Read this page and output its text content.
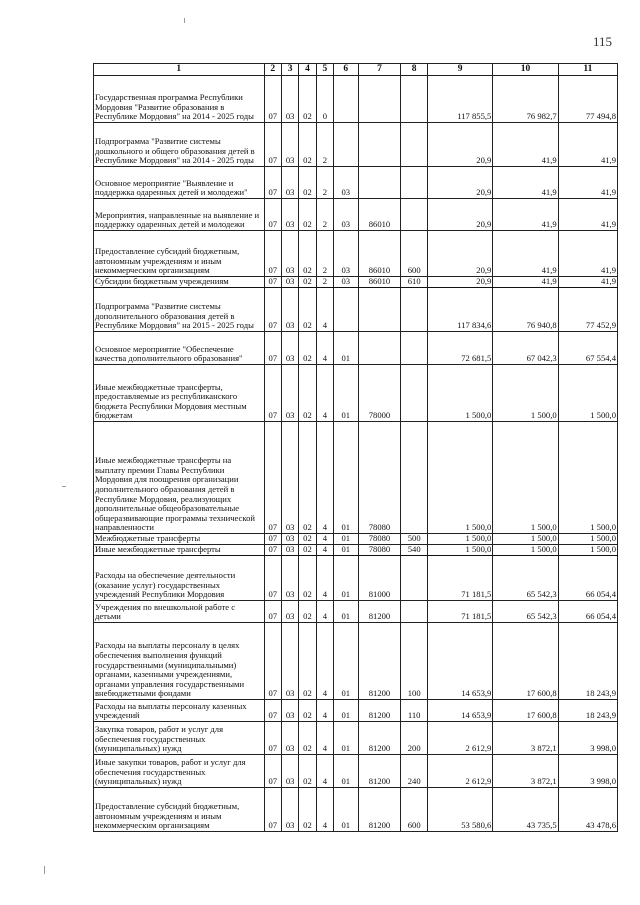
115
1	2	3	4	5	6	7	8	9	10	11
Государственная программа Республики Мордовия "Развитие образования в Республике Мордовия" на 2014 - 2025 годы	07	03	02	0				117 855,5	76 982,7	77 494,8
Подпрограмма "Развитие системы дошкольного и общего образования детей в Республике Мордовия" на 2014 - 2025 годы	07	03	02	2				20,9	41,9	41,9
Основное мероприятие "Выявление и поддержка одаренных детей и молодежи"	07	03	02	2	03			20,9	41,9	41,9
Мероприятия, направленные на выявление и поддержку одаренных детей и молодежи	07	03	02	2	03	86010		20,9	41,9	41,9
Предоставление субсидий бюджетным, автономным учреждениям и иным некоммерческим организациям	07	03	02	2	03	86010	600	20,9	41,9	41,9
Субсидии бюджетным учреждениям	07	03	02	2	03	86010	610	20,9	41,9	41,9
Подпрограмма "Развитие системы дополнительного образования детей в Республике Мордовия" на 2015 - 2025 годы	07	03	02	4				117 834,6	76 940,8	77 452,9
Основное мероприятие "Обеспечение качества дополнительного образования"	07	03	02	4	01			72 681,5	67 042,3	67 554,4
Иные межбюджетные трансферты, предоставляемые из республиканского бюджета Республики Мордовия местным бюджетам	07	03	02	4	01	78000		1 500,0	1 500,0	1 500,0
Иные межбюджетные трансферты на выплату премии Главы Республики Мордовия для поощрения организации дополнительного образования детей в Республике Мордовия, реализующих дополнительные общеобразовательные общеразвивающие программы технической направленности	07	03	02	4	01	78080		1 500,0	1 500,0	1 500,0
Межбюджетные трансферты	07	03	02	4	01	78080	500	1 500,0	1 500,0	1 500,0
Иные межбюджетные трансферты	07	03	02	4	01	78080	540	1 500,0	1 500,0	1 500,0
Расходы на обеспечение деятельности (оказание услуг) государственных учреждений Республики Мордовия	07	03	02	4	01	81000		71 181,5	65 542,3	66 054,4
Учреждения по внешкольной работе с детьми	07	03	02	4	01	81200		71 181,5	65 542,3	66 054,4
Расходы на выплаты персоналу в целях обеспечения выполнения функций государственными (муниципальными) органами, казенными учреждениями, органами управления государственными внебюджетными фондами	07	03	02	4	01	81200	100	14 653,9	17 600,8	18 243,9
Расходы на выплаты персоналу казенных учреждений	07	03	02	4	01	81200	110	14 653,9	17 600,8	18 243,9
Закупка товаров, работ и услуг для обеспечения государственных (муниципальных) нужд	07	03	02	4	01	81200	200	2 612,9	3 872,1	3 998,0
Иные закупки товаров, работ и услуг для обеспечения государственных (муниципальных) нужд	07	03	02	4	01	81200	240	2 612,9	3 872,1	3 998,0
Предоставление субсидий бюджетным, автономным учреждениям и иным некоммерческим организациям	07	03	02	4	01	81200	600	53 580,6	43 735,5	43 478,6
